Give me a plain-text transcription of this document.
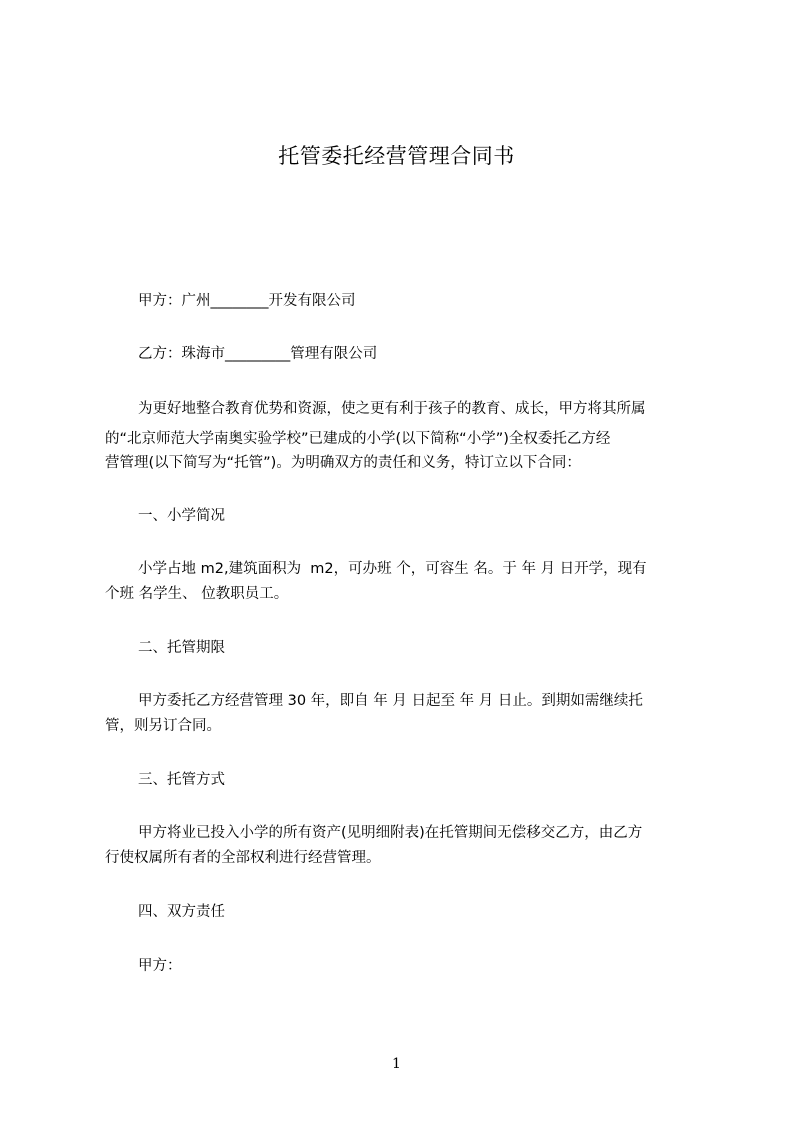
托管委托经营管理合同书
甲方：广州________开发有限公司
乙方：珠海市_________管理有限公司
为更好地整合教育优势和资源，使之更有利于孩子的教育、成长，甲方将其所属
的“北京师范大学南奥实验学校”已建成的小学(以下简称“小学”)全权委托乙方经
营管理(以下简写为“托管”)。为明确双方的责任和义务，特订立以下合同：
一、小学简况
小学占地 m2,建筑面积为  m2，可办班 个，可容生 名。于 年 月 日开学，现有
个班 名学生、 位教职员工。
二、托管期限
甲方委托乙方经营管理 30 年，即自 年 月 日起至 年 月 日止。到期如需继续托
管，则另订合同。
三、托管方式
甲方将业已投入小学的所有资产(见明细附表)在托管期间无偿移交乙方，由乙方
行使权属所有者的全部权利进行经营管理。
四、双方责任
甲方：
1
